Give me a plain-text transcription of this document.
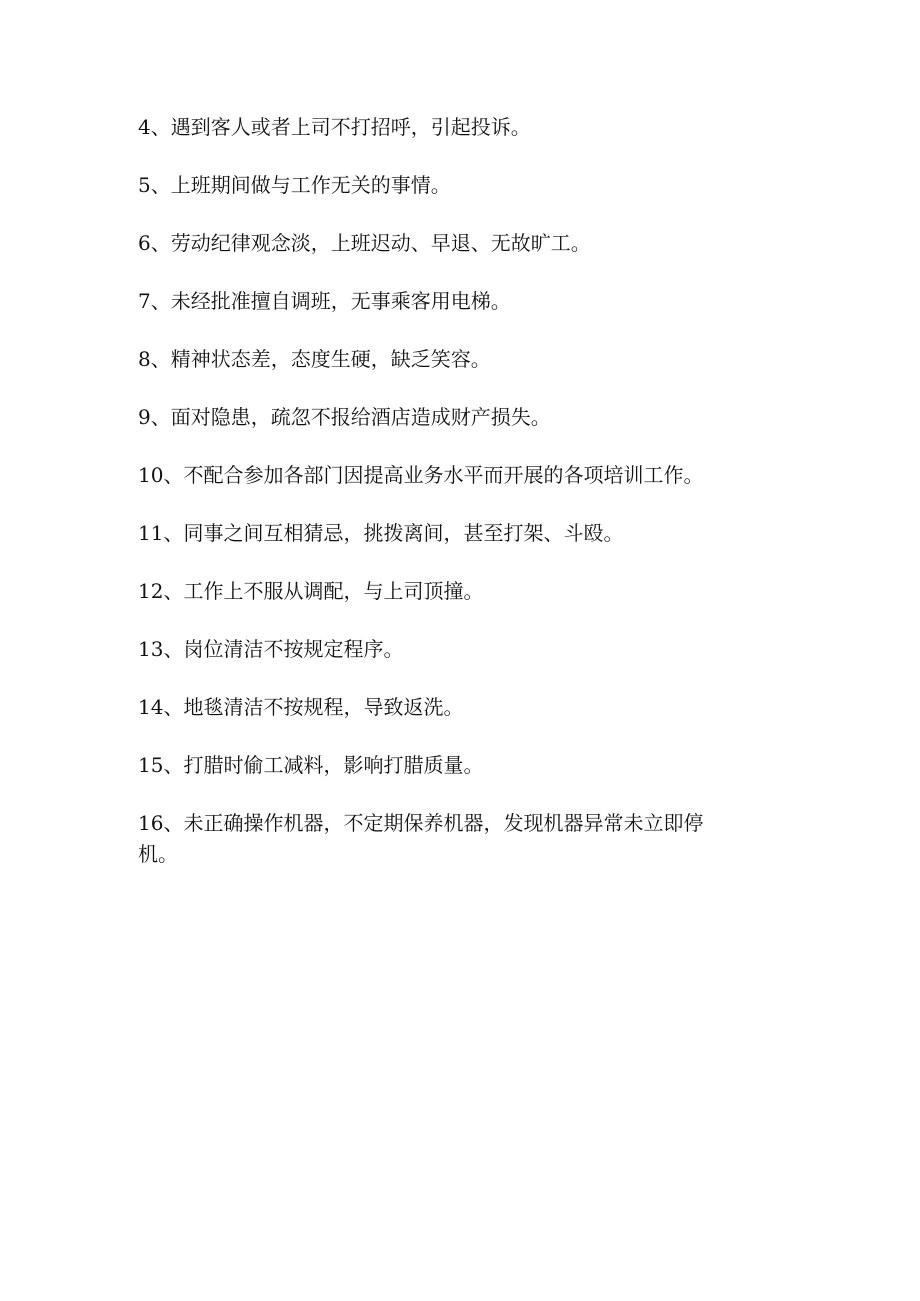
4、遇到客人或者上司不打招呼，引起投诉。

5、上班期间做与工作无关的事情。

6、劳动纪律观念淡，上班迟动、早退、无故旷工。

7、未经批准擅自调班，无事乘客用电梯。

8、精神状态差，态度生硬，缺乏笑容。

9、面对隐患，疏忽不报给酒店造成财产损失。

10、不配合参加各部门因提高业务水平而开展的各项培训工作。

11、同事之间互相猜忌，挑拨离间，甚至打架、斗殴。

12、工作上不服从调配，与上司顶撞。

13、岗位清洁不按规定程序。

14、地毯清洁不按规程，导致返洗。

15、打腊时偷工减料，影响打腊质量。

16、未正确操作机器，不定期保养机器，发现机器异常未立即停机。
